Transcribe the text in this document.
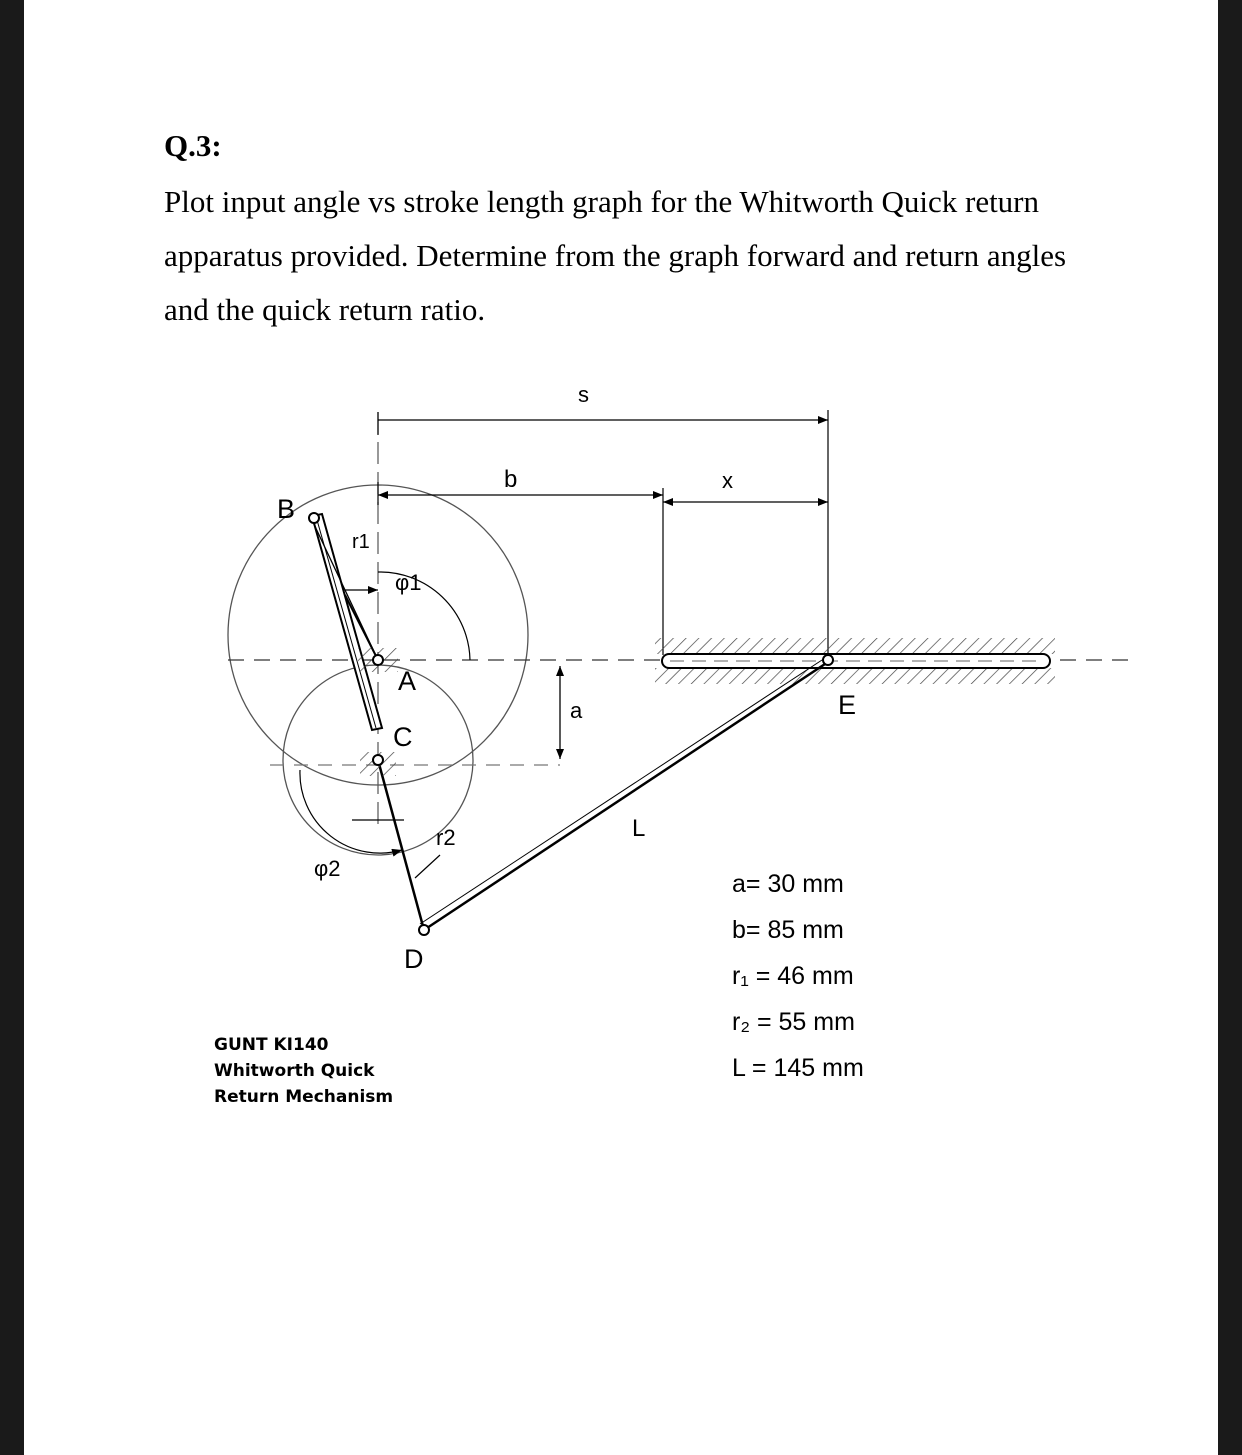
Q.3:
Plot input angle vs stroke length graph for the Whitworth Quick return
apparatus provided. Determine from the graph forward and return angles
and the quick return ratio.
s
b	x
a
B
r1
φ1
A
C
E
r2	L
φ2
D
a= 30 mm
b= 85 mm
r₁ = 46 mm
r₂ = 55 mm
L = 145 mm
GUNT KI140
Whitworth Quick
Return Mechanism
